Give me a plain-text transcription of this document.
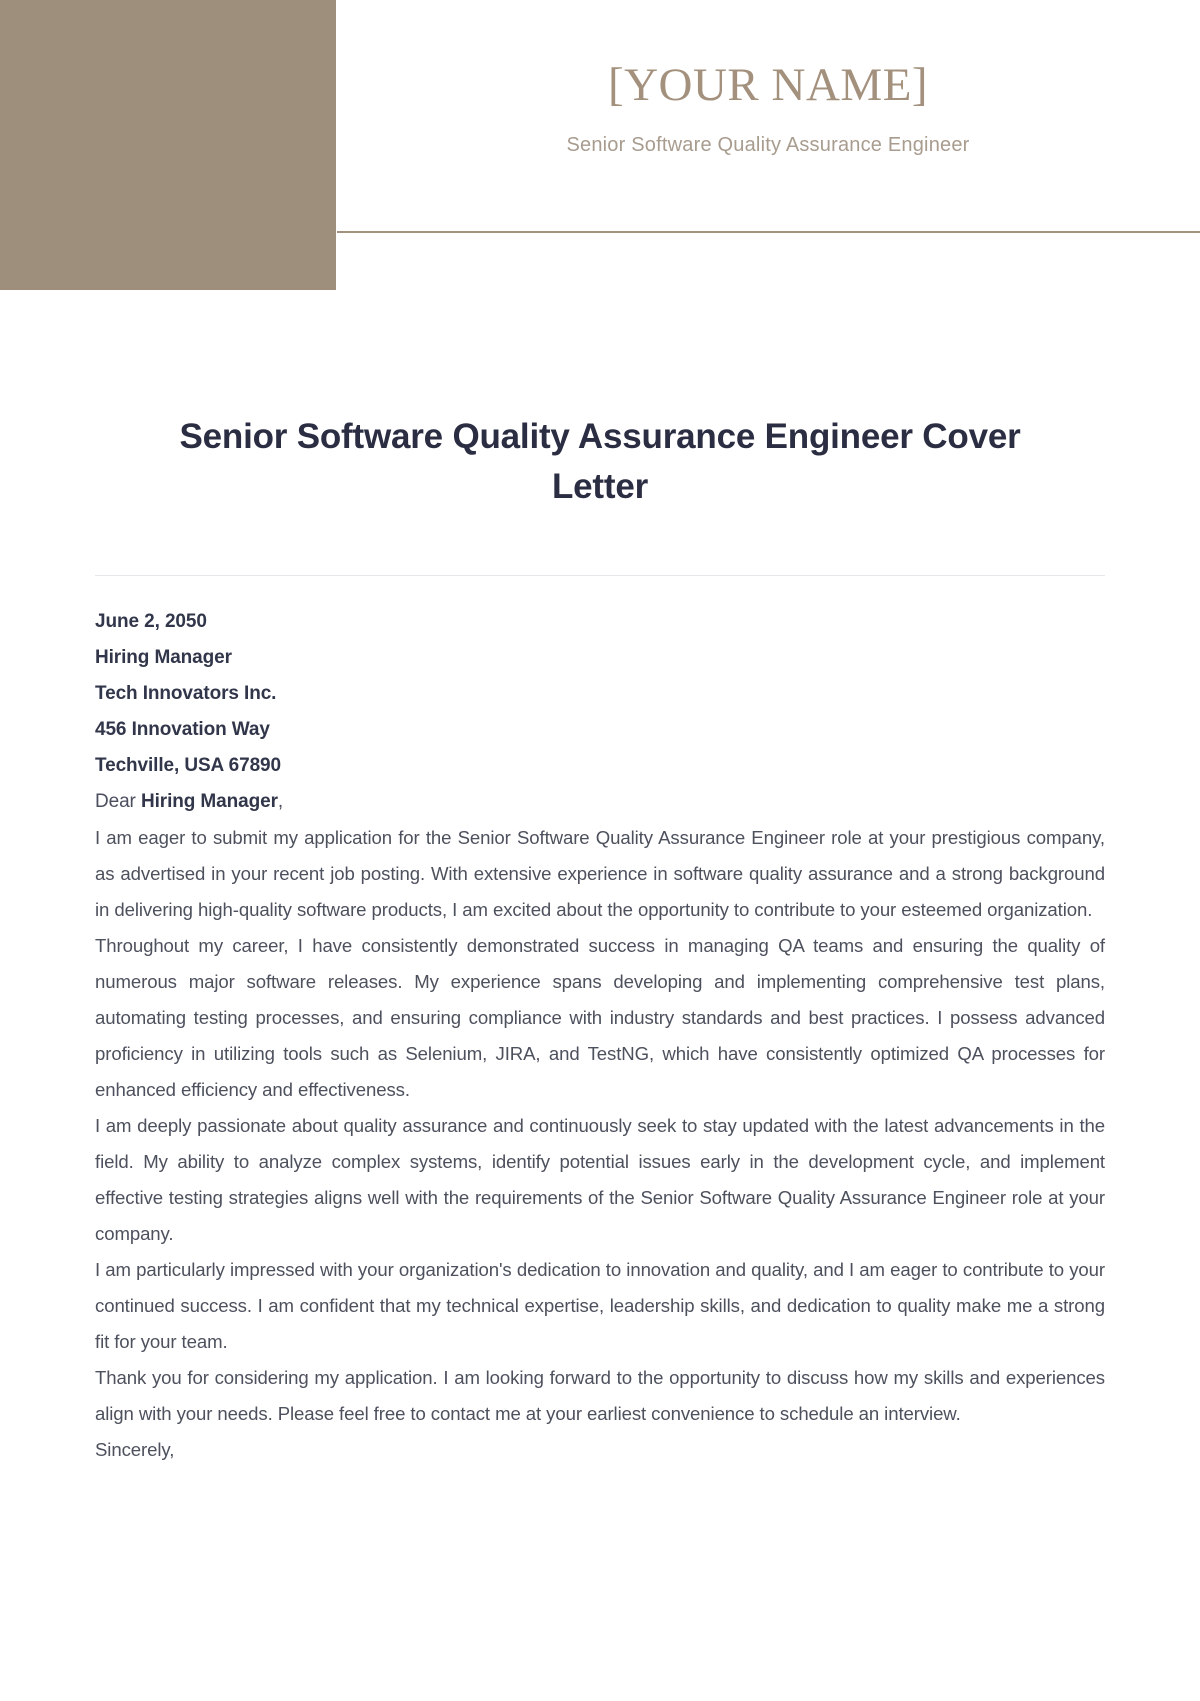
[YOUR NAME]
Senior Software Quality Assurance Engineer
Senior Software Quality Assurance Engineer Cover Letter
June 2, 2050
Hiring Manager
Tech Innovators Inc.
456 Innovation Way
Techville, USA 67890
Dear Hiring Manager,

I am eager to submit my application for the Senior Software Quality Assurance Engineer role at your prestigious company, as advertised in your recent job posting. With extensive experience in software quality assurance and a strong background in delivering high-quality software products, I am excited about the opportunity to contribute to your esteemed organization.

Throughout my career, I have consistently demonstrated success in managing QA teams and ensuring the quality of numerous major software releases. My experience spans developing and implementing comprehensive test plans, automating testing processes, and ensuring compliance with industry standards and best practices. I possess advanced proficiency in utilizing tools such as Selenium, JIRA, and TestNG, which have consistently optimized QA processes for enhanced efficiency and effectiveness.

I am deeply passionate about quality assurance and continuously seek to stay updated with the latest advancements in the field. My ability to analyze complex systems, identify potential issues early in the development cycle, and implement effective testing strategies aligns well with the requirements of the Senior Software Quality Assurance Engineer role at your company.

I am particularly impressed with your organization's dedication to innovation and quality, and I am eager to contribute to your continued success. I am confident that my technical expertise, leadership skills, and dedication to quality make me a strong fit for your team.

Thank you for considering my application. I am looking forward to the opportunity to discuss how my skills and experiences align with your needs. Please feel free to contact me at your earliest convenience to schedule an interview.

Sincerely,
